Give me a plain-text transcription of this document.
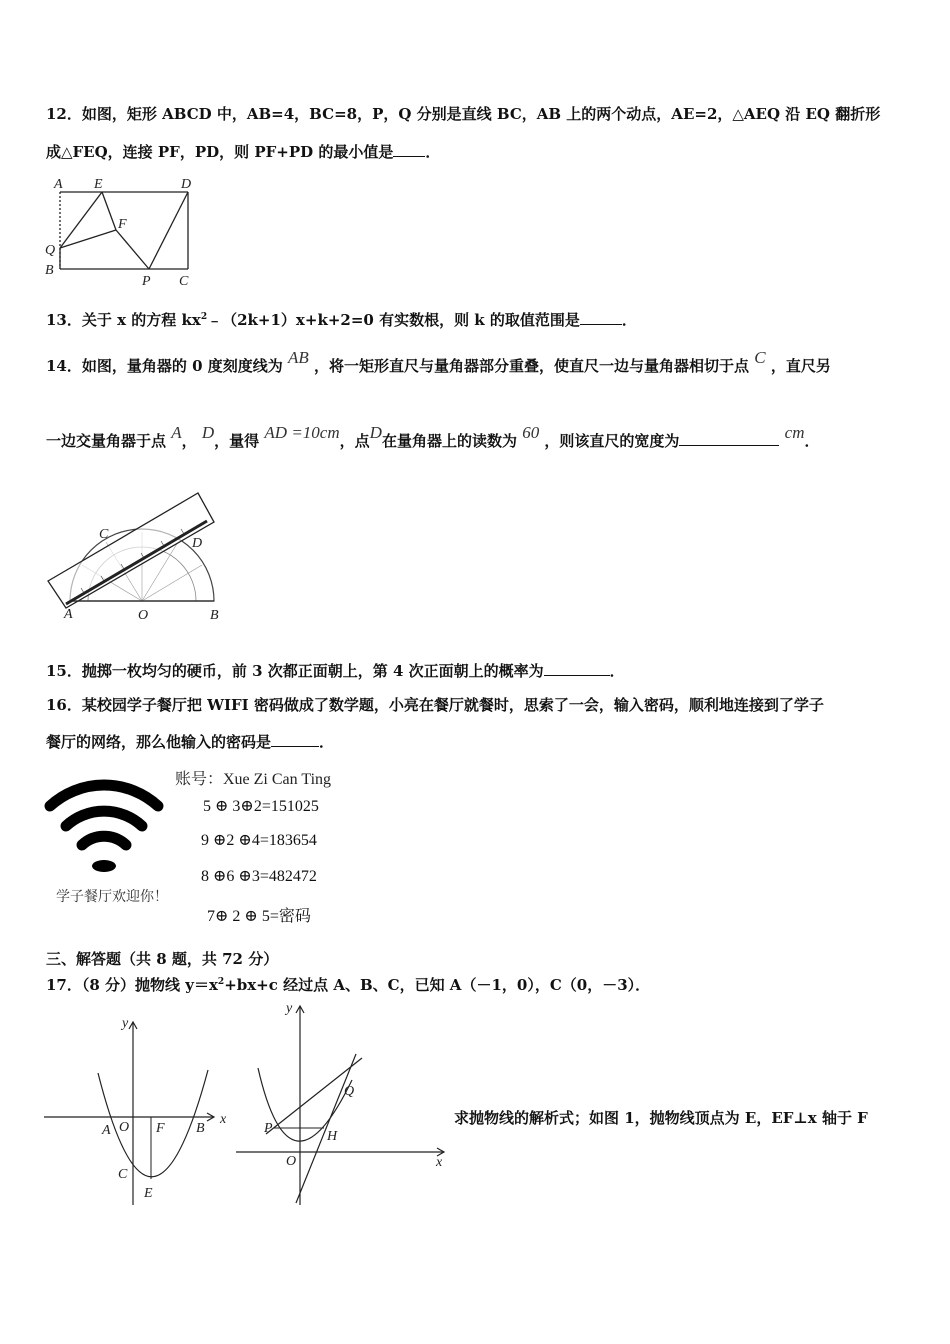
12．如图，矩形 ABCD 中，AB=4，BC=8，P，Q 分别是直线 BC，AB 上的两个动点，AE=2，△AEQ 沿 EQ 翻折形
成△FEQ，连接 PF，PD，则 PF+PD 的最小值是 ．
A E	D
F
Q
B
P C
13．关于 x 的方程 $kx^2﹣(2k+1)x+k+2=0$ 有实数根，则 k 的取值范围是	．
14．如图，量角器的 0 度刻度线为 AB ，将一矩形直尺与量角器部分重叠，使直尺一边与量角器相切于点 C ，直尺另
一边交量角器于点 A， D，量得 AD =10cm，点D在量角器上的读数为 60 ，则该直尺的宽度为	cm．
C
D
A	O	B
15．抛掷一枚均匀的硬币，前 3 次都正面朝上，第 4 次正面朝上的概率为	．
16．某校园学子餐厅把 WIFI 密码做成了数学题，小亮在餐厅就餐时，思索了一会，输入密码，顺利地连接到了学子
餐厅的网络，那么他输入的密码是	．
学子餐厅欢迎你！
账号：Xue Zi Can Ting
5 ⊕ 3⊕2=151025
9 ⊕2 ⊕4=183654
8 ⊕6 ⊕3=482472
7⊕ 2 ⊕ 5=密码
三、解答题（共 8 题，共 72 分）
17．（8 分）抛物线 $y=x^2+bx+c$ 经过点 A、B、C，已知 A（－1，0），C（0，－3）．
y
x
A O F B
C
E
y
x
Q
P
H
O
求抛物线的解析式；如图 1，抛物线顶点为 E，EF⊥x 轴于 F
